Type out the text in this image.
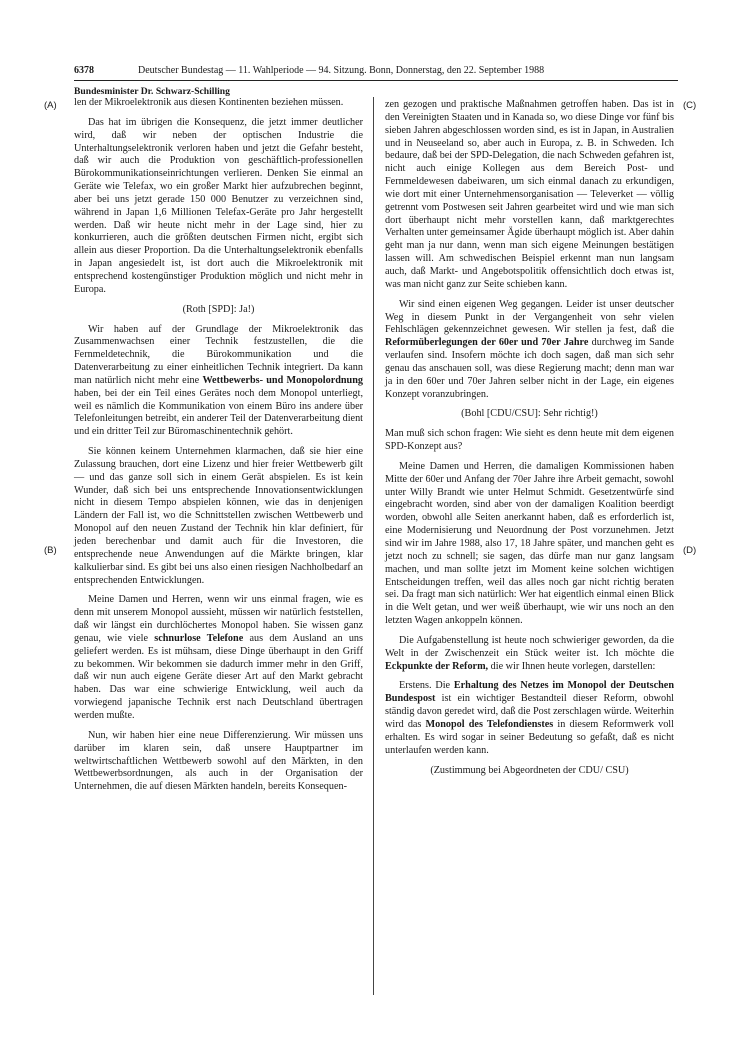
6378	Deutscher Bundestag — 11. Wahlperiode — 94. Sitzung. Bonn, Donnerstag, den 22. September 1988
Bundesminister Dr. Schwarz-Schilling
(A)
(B)
(C)
(D)

len der Mikroelektronik aus diesen Kontinenten beziehen müssen.

Das hat im übrigen die Konsequenz, die jetzt immer deutlicher wird, daß wir neben der optischen Industrie die Unterhaltungselektronik verloren haben und jetzt die Gefahr besteht, daß wir auch die Produktion von geschäftlich-professionellen Bürokommunikationseinrichtungen verlieren. Denken Sie einmal an Geräte wie Telefax, wo ein großer Markt hier aufzubrechen beginnt, aber bei uns jetzt gerade 150 000 Benutzer zu verzeichnen sind, während in Japan 1,6 Millionen Telefax-Geräte pro Jahr hergestellt werden. Daß wir heute nicht mehr in der Lage sind, hier zu konkurrieren, auch die größten deutschen Firmen nicht, ergibt sich allein aus dieser Proportion. Da die Unterhaltungselektronik ebenfalls in Japan angesiedelt ist, ist dort auch die Mikroelektronik mit entsprechend kostengünstiger Produktion möglich und nicht mehr in Europa.

(Roth [SPD]: Ja!)

Wir haben auf der Grundlage der Mikroelektronik das Zusammenwachsen einer Technik festzustellen, die die Fernmeldetechnik, die Bürokommunikation und die Datenverarbeitung zu einer einheitlichen Technik integriert. Da kann man natürlich nicht mehr eine Wettbewerbs- und Monopolordnung haben, bei der ein Teil eines Gerätes noch dem Monopol unterliegt, weil es nämlich die Kommunikation von einem Büro ins andere über Telefonleitungen betreibt, ein anderer Teil der Datenverarbeitung dient und ein dritter Teil zur Büromaschinentechnik gehört.

Sie können keinem Unternehmen klarmachen, daß sie hier eine Zulassung brauchen, dort eine Lizenz und hier freier Wettbewerb gilt — und das ganze soll sich in einem Gerät abspielen. Es ist kein Wunder, daß sich bei uns entsprechende Innovationsentwicklungen nicht in diesem Tempo abspielen können, wie das in denjenigen Ländern der Fall ist, wo die Schnittstellen zwischen Wettbewerb und Monopol auf den neuen Zustand der Technik hin klar definiert, für jeden berechenbar und damit auch für die Investoren, die entsprechende neue Anwendungen auf die Märkte bringen, klar kalkulierbar sind. Es gibt bei uns also einen riesigen Nachholbedarf an entsprechenden Entwicklungen.

Meine Damen und Herren, wenn wir uns einmal fragen, wie es denn mit unserem Monopol aussieht, müssen wir natürlich feststellen, daß wir längst ein durchlöchertes Monopol haben. Sie wissen ganz genau, wie viele schnurlose Telefone aus dem Ausland an uns geliefert werden. Es ist mühsam, diese Dinge überhaupt in den Griff zu bekommen. Wir bekommen sie dadurch immer mehr in den Griff, daß wir nun auch eigene Geräte dieser Art auf den Markt gebracht haben. Das war eine schwierige Entwicklung, weil auch da vorwiegend japanische Technik erst nach Deutschland übertragen werden mußte.

Nun, wir haben hier eine neue Differenzierung. Wir müssen uns darüber im klaren sein, daß unsere Hauptpartner im weltwirtschaftlichen Wettbewerb sowohl auf den Märkten, in den Wettbewerbsordnungen, als auch in der Organisation der Unternehmen, die auf diesen Märkten handeln, bereits Konsequen-

zen gezogen und praktische Maßnahmen getroffen haben. Das ist in den Vereinigten Staaten und in Kanada so, wo diese Dinge vor fünf bis sieben Jahren abgeschlossen worden sind, es ist in Japan, in Australien und in Neuseeland so, aber auch in Europa, z. B. in Schweden. Ich bedaure, daß bei der SPD-Delegation, die nach Schweden gefahren ist, nicht auch einige Kollegen aus dem Bereich Post- und Fernmeldewesen dabeiwaren, um sich einmal danach zu erkundigen, wie dort mit einer Unternehmensorganisation — Televerket — völlig getrennt vom Postwesen seit Jahren gearbeitet wird und wie man sich dort überhaupt nicht mehr vorstellen kann, daß marktgerechtes Verhalten unter gemeinsamer Ägide überhaupt möglich ist. Aber dahin geht man ja nur dann, wenn man sich eigene Meinungen bestätigen lassen will. Am schwedischen Beispiel erkennt man nun langsam auch, daß Markt- und Angebotspolitik offensichtlich doch etwas ist, was man nicht ganz zur Seite schieben kann.

Wir sind einen eigenen Weg gegangen. Leider ist unser deutscher Weg in diesem Punkt in der Vergangenheit von sehr vielen Fehlschlägen gekennzeichnet gewesen. Wir stellen ja fest, daß die Reformüberlegungen der 60er und 70er Jahre durchweg im Sande verlaufen sind. Insofern möchte ich doch sagen, daß man sich sehr genau das anschauen soll, was diese Regierung macht; denn man war ja in den 60er und 70er Jahren selber nicht in der Lage, ein eigenes Konzept voranzubringen.

(Bohl [CDU/CSU]: Sehr richtig!)

Man muß sich schon fragen: Wie sieht es denn heute mit dem eigenen SPD-Konzept aus?

Meine Damen und Herren, die damaligen Kommissionen haben Mitte der 60er und Anfang der 70er Jahre ihre Arbeit gemacht, sowohl unter Willy Brandt wie unter Helmut Schmidt. Gesetzentwürfe sind eingebracht worden, sind aber von der damaligen Koalition beerdigt worden, obwohl alle Seiten anerkannt haben, daß es erforderlich ist, eine Modernisierung und Neuordnung der Post vorzunehmen. Jetzt sind wir im Jahre 1988, also 17, 18 Jahre später, und manchen geht es jetzt noch zu schnell; sie sagen, das dürfe man nur ganz langsam machen, und man sollte jetzt im Moment keine solchen wichtigen Entscheidungen treffen, weil das alles noch gar nicht richtig beraten sei. Da fragt man sich natürlich: Wer hat eigentlich einmal einen Blick in die Welt getan, und wer weiß überhaupt, wie wir uns noch an den letzten Wagen ankoppeln können.

Die Aufgabenstellung ist heute noch schwieriger geworden, da die Welt in der Zwischenzeit ein Stück weiter ist. Ich möchte die Eckpunkte der Reform, die wir Ihnen heute vorlegen, darstellen:

Erstens. Die Erhaltung des Netzes im Monopol der Deutschen Bundespost ist ein wichtiger Bestandteil dieser Reform, obwohl ständig davon geredet wird, daß die Post zerschlagen würde. Weiterhin wird das Monopol des Telefondienstes in diesem Reformwerk voll erhalten. Es wird sogar in seiner Bedeutung so gefaßt, daß es nicht unterlaufen werden kann.

(Zustimmung bei Abgeordneten der CDU/ CSU)
